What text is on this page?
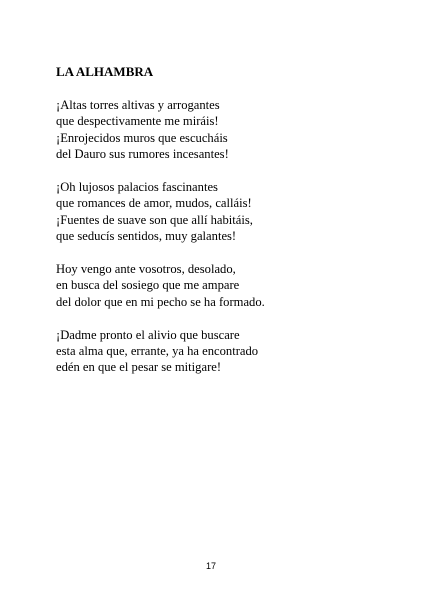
LA ALHAMBRA

¡Altas torres altivas y arrogantes
que despectivamente me miráis!
¡Enrojecidos muros que escucháis
del Dauro sus rumores incesantes!

¡Oh lujosos palacios fascinantes
que romances de amor, mudos, calláis!
¡Fuentes de suave son que allí habitáis,
que seducís sentidos, muy galantes!

Hoy vengo ante vosotros, desolado,
en busca del sosiego que me ampare
del dolor que en mi pecho se ha formado.

¡Dadme pronto el alivio que buscare
esta alma que, errante, ya ha encontrado
edén en que el pesar se mitigare!

17
